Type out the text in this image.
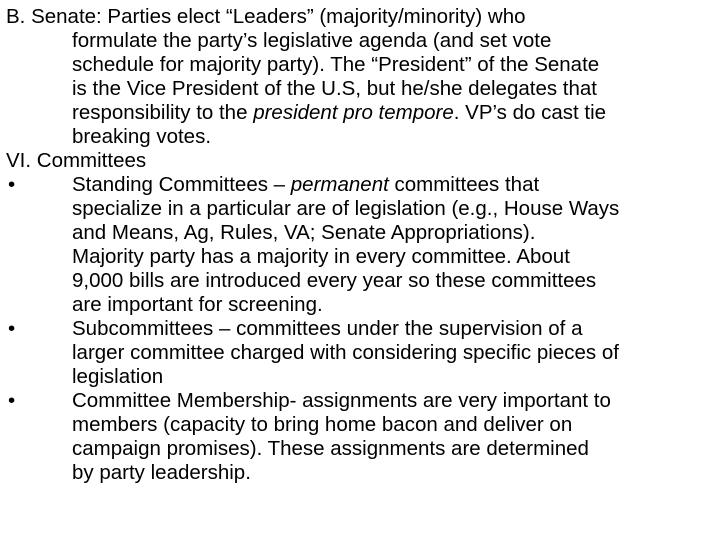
B. Senate: Parties elect “Leaders” (majority/minority) who
formulate the party’s legislative agenda (and set vote
schedule for majority party). The “President” of the Senate
is the Vice President of the U.S, but he/she delegates that
responsibility to the president pro tempore. VP’s do cast tie
breaking votes.
VI. Committees
•	Standing Committees – permanent committees that
specialize in a particular are of legislation (e.g., House Ways
and Means, Ag, Rules, VA; Senate Appropriations).
Majority party has a majority in every committee. About
9,000 bills are introduced every year so these committees
are important for screening.
•	Subcommittees – committees under the supervision of a
larger committee charged with considering specific pieces of
legislation
•	Committee Membership- assignments are very important to
members (capacity to bring home bacon and deliver on
campaign promises). These assignments are determined
by party leadership.
